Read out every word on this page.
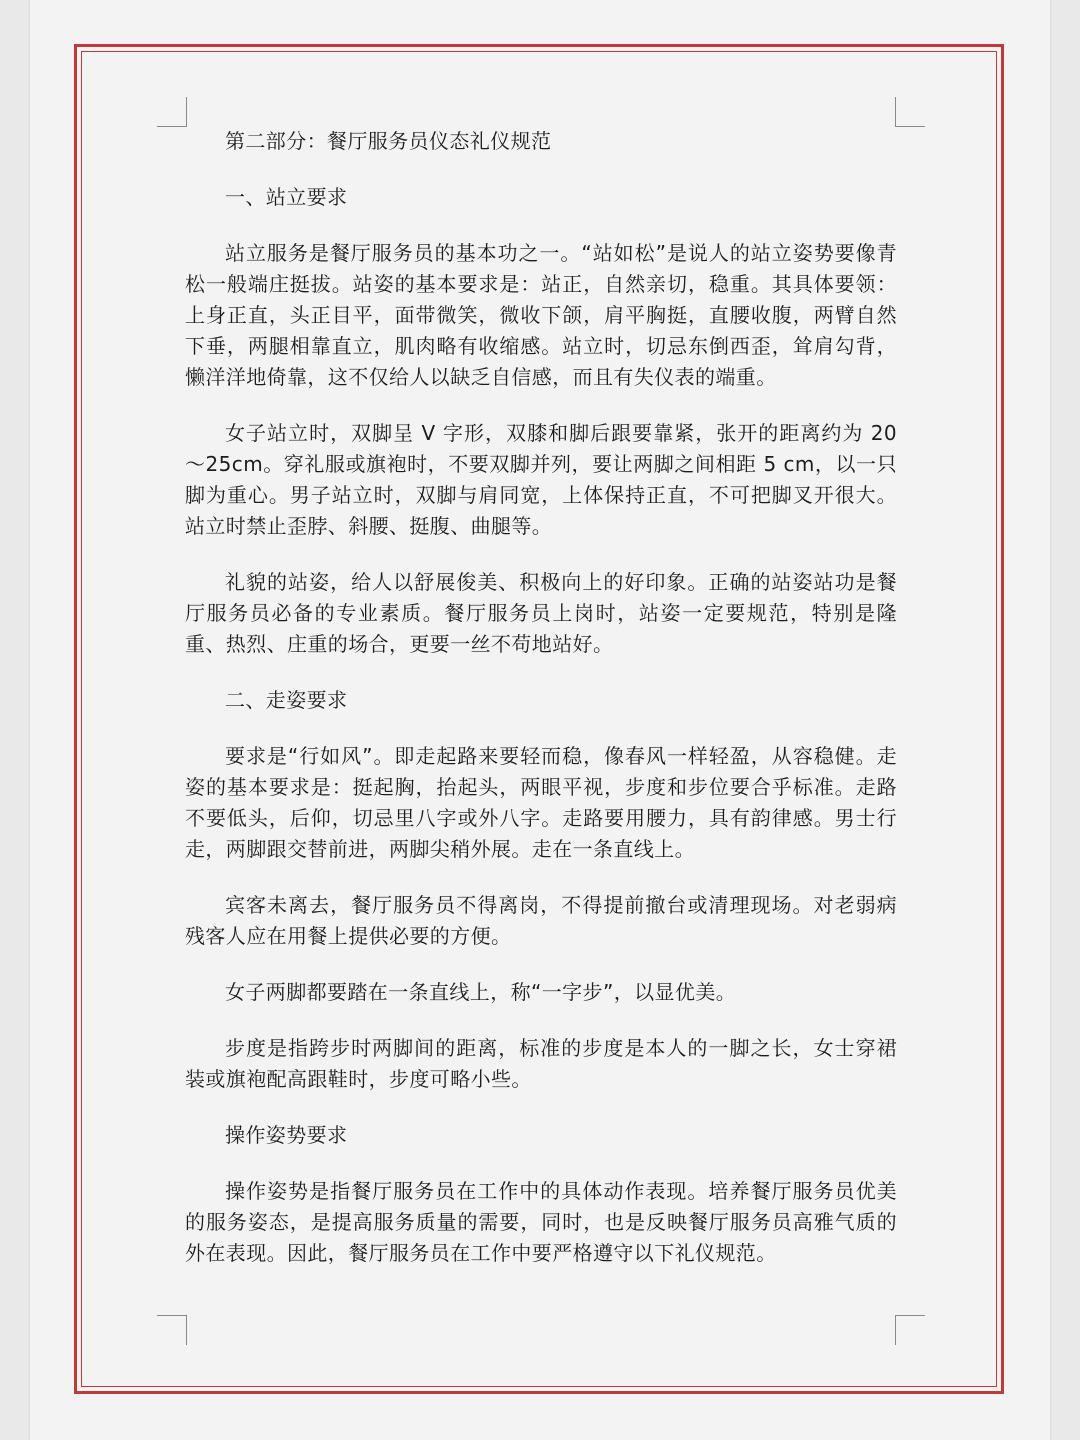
第二部分：餐厅服务员仪态礼仪规范

一、站立要求

站立服务是餐厅服务员的基本功之一。“站如松”是说人的站立姿势要像青松一般端庄挺拔。站姿的基本要求是：站正，自然亲切，稳重。其具体要领：上身正直，头正目平，面带微笑，微收下颌，肩平胸挺，直腰收腹，两臂自然下垂，两腿相靠直立，肌肉略有收缩感。站立时，切忌东倒西歪，耸肩勾背，懒洋洋地倚靠，这不仅给人以缺乏自信感，而且有失仪表的端重。

女子站立时，双脚呈 V 字形，双膝和脚后跟要靠紧，张开的距离约为 20～25cm。穿礼服或旗袍时，不要双脚并列，要让两脚之间相距 5 cm，以一只脚为重心。男子站立时，双脚与肩同宽，上体保持正直，不可把脚叉开很大。站立时禁止歪脖、斜腰、挺腹、曲腿等。

礼貌的站姿，给人以舒展俊美、积极向上的好印象。正确的站姿站功是餐厅服务员必备的专业素质。餐厅服务员上岗时，站姿一定要规范，特别是隆重、热烈、庄重的场合，更要一丝不苟地站好。

二、走姿要求

要求是“行如风”。即走起路来要轻而稳，像春风一样轻盈，从容稳健。走姿的基本要求是：挺起胸，抬起头，两眼平视，步度和步位要合乎标准。走路不要低头，后仰，切忌里八字或外八字。走路要用腰力，具有韵律感。男士行走，两脚跟交替前进，两脚尖稍外展。走在一条直线上。

宾客未离去，餐厅服务员不得离岗，不得提前撤台或清理现场。对老弱病残客人应在用餐上提供必要的方便。

女子两脚都要踏在一条直线上，称“一字步”，以显优美。

步度是指跨步时两脚间的距离，标准的步度是本人的一脚之长，女士穿裙装或旗袍配高跟鞋时，步度可略小些。

操作姿势要求

操作姿势是指餐厅服务员在工作中的具体动作表现。培养餐厅服务员优美的服务姿态，是提高服务质量的需要，同时，也是反映餐厅服务员高雅气质的外在表现。因此，餐厅服务员在工作中要严格遵守以下礼仪规范。
